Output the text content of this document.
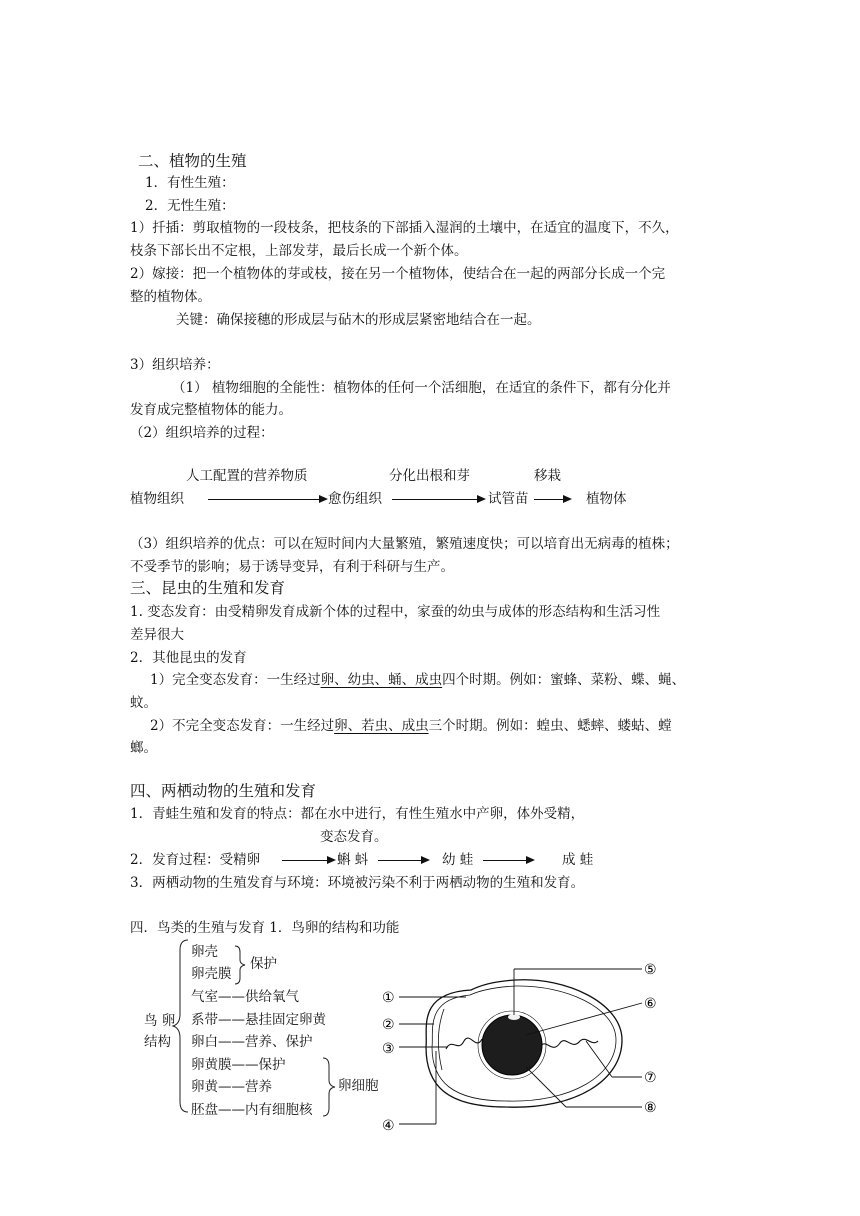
二、植物的生殖
1．有性生殖：
2．无性生殖：
1）扦插：剪取植物的一段枝条，把枝条的下部插入湿润的土壤中，在适宜的温度下，不久，
枝条下部长出不定根，上部发芽，最后长成一个新个体。
2）嫁接：把一个植物体的芽或枝，接在另一个植物体，使结合在一起的两部分长成一个完
整的植物体。
关键：确保接穗的形成层与砧木的形成层紧密地结合在一起。
3）组织培养：
（1） 植物细胞的全能性：植物体的任何一个活细胞，在适宜的条件下，都有分化并
发育成完整植物体的能力。
（2）组织培养的过程：
人工配置的营养物质	分化出根和芽	移栽
植物组织	愈伤组织	试管苗	植物体
（3）组织培养的优点：可以在短时间内大量繁殖，繁殖速度快；可以培育出无病毒的植株；
不受季节的影响；易于诱导变异，有利于科研与生产。
三、昆虫的生殖和发育
1. 变态发育：由受精卵发育成新个体的过程中，家蚕的幼虫与成体的形态结构和生活习性
差异很大
2．其他昆虫的发育
1）完全变态发育：一生经过卵、幼虫、蛹、成虫四个时期。例如：蜜蜂、菜粉、蝶、蝇、
蚊。
2）不完全变态发育：一生经过卵、若虫、成虫三个时期。例如：蝗虫、蟋蟀、蝼蛄、螳
螂。
四、两栖动物的生殖和发育
1．青蛙生殖和发育的特点：都在水中进行，有性生殖水中产卵，体外受精，
变态发育。
2．发育过程：受精卵	蝌 蚪	幼 蛙	成 蛙
3．两栖动物的生殖发育与环境：环境被污染不利于两栖动物的生殖和发育。
四．鸟类的生殖与发育 1．鸟卵的结构和功能
鸟 卵
结构
卵壳
卵壳膜
保护
气室——供给氧气
系带——悬挂固定卵黄
卵白——营养、保护
卵黄膜——保护
卵黄——营养
胚盘——内有细胞核
卵细胞
①
②
③
④
⑤
⑥
⑦
⑧
